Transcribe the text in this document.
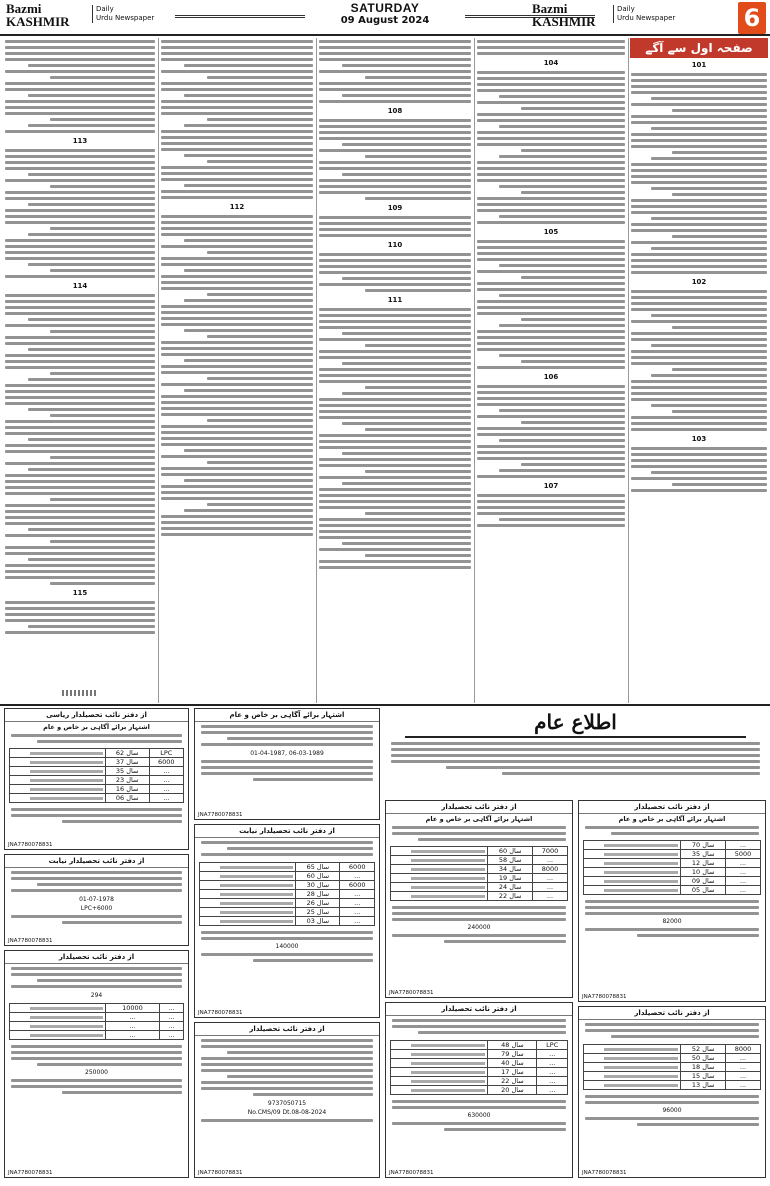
Bazmi
KASHMIR
Daily
Urdu Newspaper
SATURDAY
09 August 2024
Bazmi
KASHMIR
Daily
Urdu Newspaper	6
صفحہ اول سے آگے
101
102
103
104
105
106
107
108
109
110
111
112
113
114
115
از دفتر نائب تحصیلدار ریاسی
اشتہار برائے آگاہی بر خاص و عام
	62 سال	LPC

	37 سال	6000

	35 سال	...

	23 سال	...

	16 سال	...

	06 سال	...
JNA7780078831
از دفتر نائب تحصیلدار نیابت
01-07-1978
LPC+6000
JNA7780078831
از دفتر نائب تحصیلدار
294
	10000	...

	...	...

	...	...

	...	...
250000
JNA7780078831
اشتہار برائے آگاہی بر خاص و عام
01-04-1987, 06-03-1989
JNA7780078831
از دفتر نائب تحصیلدار نیابت
	65 سال	6000

	60 سال	...

	30 سال	6000

	28 سال	...

	26 سال	...

	25 سال	...

	03 سال	...
140000
JNA7780078831
از دفتر نائب تحصیلدار
9737050715
No.CMS/09 Dt.08-08-2024
JNA7780078831
اطلاع عام
از دفتر نائب تحصیلدار
اشتہار برائے آگاہی بر خاص و عام
	60 سال	7000

	58 سال	...

	34 سال	8000

	19 سال	...

	24 سال	...

	22 سال	...
240000
JNA7780078831
از دفتر نائب تحصیلدار
	48 سال	LPC

	79 سال	...

	40 سال	...

	17 سال	...

	22 سال	...

	20 سال	...
630000
JNA7780078831
از دفتر نائب تحصیلدار
اشتہار برائے آگاہی بر خاص و عام
	70 سال	...

	35 سال	5000

	12 سال	...

	10 سال	...

	09 سال	...

	05 سال	...
82000
JNA7780078831
از دفتر نائب تحصیلدار
	52 سال	8000

	50 سال	...

	18 سال	...

	15 سال	...

	13 سال	...
96000
JNA7780078831
